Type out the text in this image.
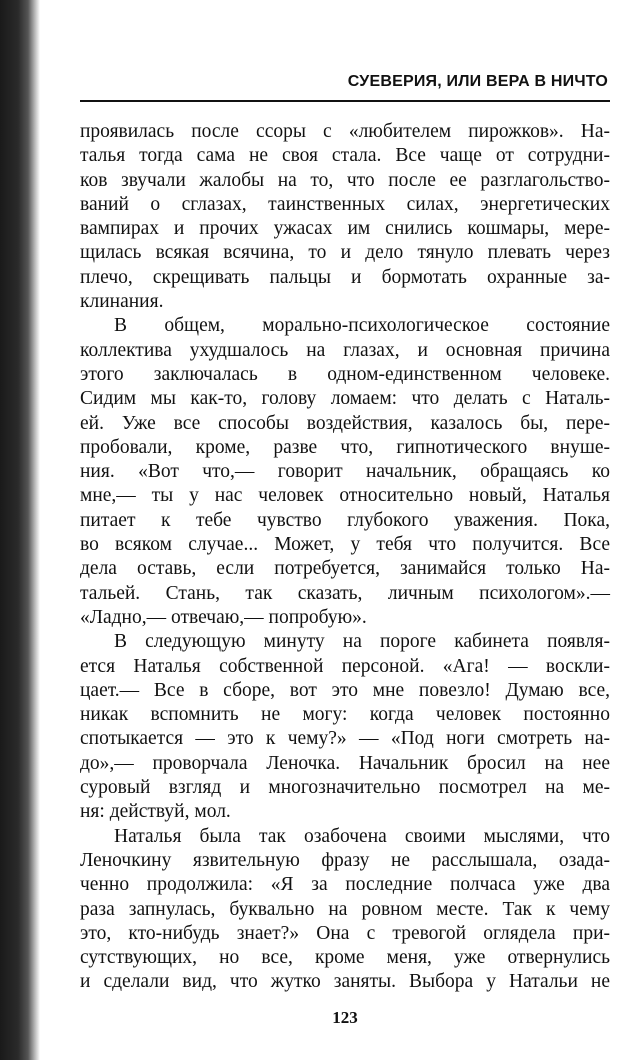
СУЕВЕРИЯ, ИЛИ ВЕРА В НИЧТО
проявилась после ссоры с «любителем пирожков». На-
талья тогда сама не своя стала. Все чаще от сотрудни-
ков звучали жалобы на то, что после ее разглагольство-
ваний о сглазах, таинственных силах, энергетических
вампирах и прочих ужасах им снились кошмары, мере-
щилась всякая всячина, то и дело тянуло плевать через
плечо, скрещивать пальцы и бормотать охранные за-
клинания.
В общем, морально-психологическое состояние
коллектива ухудшалось на глазах, и основная причина
этого заключалась в одном-единственном человеке.
Сидим мы как-то, голову ломаем: что делать с Наталь-
ей. Уже все способы воздействия, казалось бы, пере-
пробовали, кроме, разве что, гипнотического внуше-
ния. «Вот что,— говорит начальник, обращаясь ко
мне,— ты у нас человек относительно новый, Наталья
питает к тебе чувство глубокого уважения. Пока,
во всяком случае... Может, у тебя что получится. Все
дела оставь, если потребуется, занимайся только На-
тальей. Стань, так сказать, личным психологом».—
«Ладно,— отвечаю,— попробую».
В следующую минуту на пороге кабинета появля-
ется Наталья собственной персоной. «Ага! — воскли-
цает.— Все в сборе, вот это мне повезло! Думаю все,
никак вспомнить не могу: когда человек постоянно
спотыкается — это к чему?» — «Под ноги смотреть на-
до»,— проворчала Леночка. Начальник бросил на нее
суровый взгляд и многозначительно посмотрел на ме-
ня: действуй, мол.
Наталья была так озабочена своими мыслями, что
Леночкину язвительную фразу не расслышала, озада-
ченно продолжила: «Я за последние полчаса уже два
раза запнулась, буквально на ровном месте. Так к чему
это, кто-нибудь знает?» Она с тревогой оглядела при-
сутствующих, но все, кроме меня, уже отвернулись
и сделали вид, что жутко заняты. Выбора у Натальи не
123
